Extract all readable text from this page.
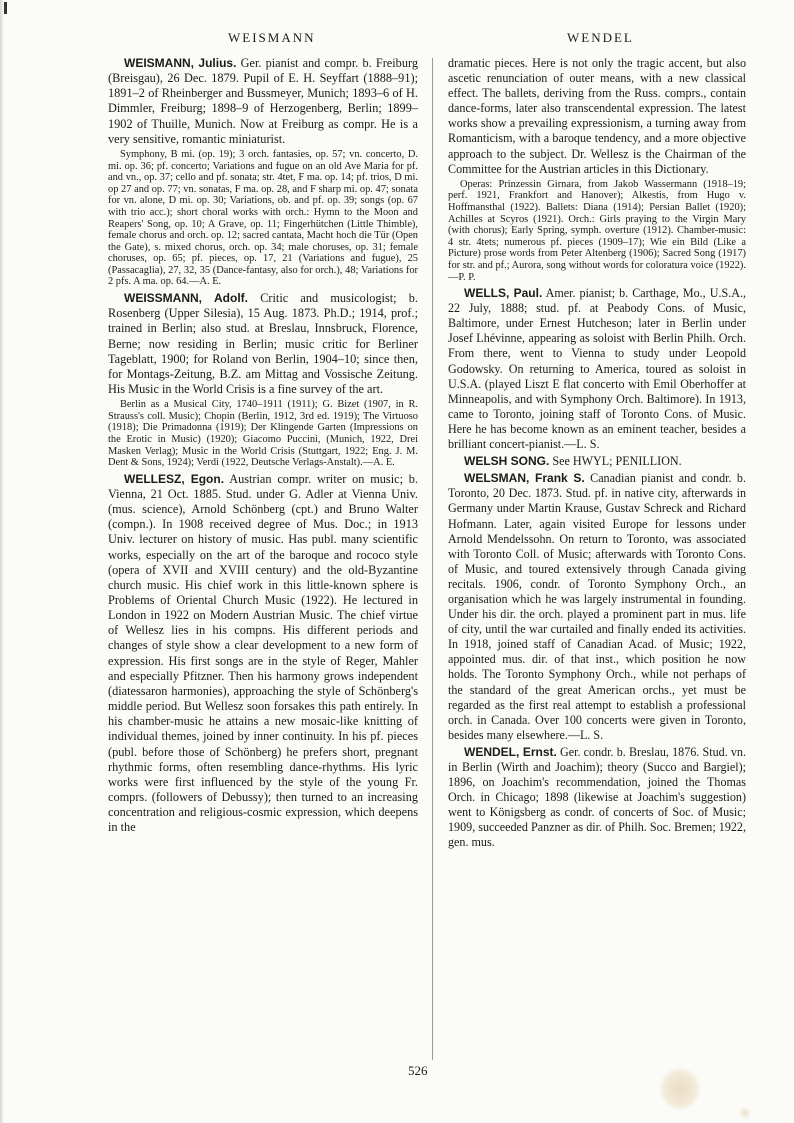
WEISMANN	WENDEL

WEISMANN, Julius. Ger. pianist and compr. b. Freiburg (Breisgau), 26 Dec. 1879. Pupil of E. H. Seyffart (1888–91); 1891–2 of Rheinberger and Bussmeyer, Munich; 1893–6 of H. Dimmler, Freiburg; 1898–9 of Herzogenberg, Berlin; 1899–1902 of Thuille, Munich. Now at Freiburg as compr. He is a very sensitive, romantic miniaturist.

Symphony, B mi. (op. 19); 3 orch. fantasies, op. 57; vn. concerto, D. mi. op. 36; pf. concerto; Variations and fugue on an old Ave Maria for pf. and vn., op. 37; cello and pf. sonata; str. 4tet, F ma. op. 14; pf. trios, D mi. op 27 and op. 77; vn. sonatas, F ma. op. 28, and F sharp mi. op. 47; sonata for vn. alone, D mi. op. 30; Variations, ob. and pf. op. 39; songs (op. 67 with trio acc.); short choral works with orch.: Hymn to the Moon and Reapers' Song, op. 10; A Grave, op. 11; Fingerhütchen (Little Thimble), female chorus and orch. op. 12; sacred cantata, Macht hoch die Tür (Open the Gate), s. mixed chorus, orch. op. 34; male choruses, op. 31; female choruses, op. 65; pf. pieces, op. 17, 21 (Variations and fugue), 25 (Passacaglia), 27, 32, 35 (Dance-fantasy, also for orch.), 48; Variations for 2 pfs. A ma. op. 64.—A. E.

WEISSMANN, Adolf. Critic and musicologist; b. Rosenberg (Upper Silesia), 15 Aug. 1873. Ph.D.; 1914, prof.; trained in Berlin; also stud. at Breslau, Innsbruck, Florence, Berne; now residing in Berlin; music critic for Berliner Tageblatt, 1900; for Roland von Berlin, 1904–10; since then, for Montags-Zeitung, B.Z. am Mittag and Vossische Zeitung. His Music in the World Crisis is a fine survey of the art.

Berlin as a Musical City, 1740–1911 (1911); G. Bizet (1907, in R. Strauss's coll. Music); Chopin (Berlin, 1912, 3rd ed. 1919); The Virtuoso (1918); Die Primadonna (1919); Der Klingende Garten (Impressions on the Erotic in Music) (1920); Giacomo Puccini, (Munich, 1922, Drei Masken Verlag); Music in the World Crisis (Stuttgart, 1922; Eng. J. M. Dent & Sons, 1924); Verdi (1922, Deutsche Verlags-Anstalt).—A. E.

WELLESZ, Egon. Austrian compr. writer on music; b. Vienna, 21 Oct. 1885. Stud. under G. Adler at Vienna Univ. (mus. science), Arnold Schönberg (cpt.) and Bruno Walter (compn.). In 1908 received degree of Mus. Doc.; in 1913 Univ. lecturer on history of music. Has publ. many scientific works, especially on the art of the baroque and rococo style (opera of XVII and XVIII century) and the old-Byzantine church music. His chief work in this little-known sphere is Problems of Oriental Church Music (1922). He lectured in London in 1922 on Modern Austrian Music. The chief virtue of Wellesz lies in his compns. His different periods and changes of style show a clear development to a new form of expression. His first songs are in the style of Reger, Mahler and especially Pfitzner. Then his harmony grows independent (diatessaron harmonies), approaching the style of Schönberg's middle period. But Wellesz soon forsakes this path entirely. In his chamber-music he attains a new mosaic-like knitting of individual themes, joined by inner continuity. In his pf. pieces (publ. before those of Schönberg) he prefers short, pregnant rhythmic forms, often resembling dance-rhythms. His lyric works were first influenced by the style of the young Fr. comprs. (followers of Debussy); then turned to an increasing concentration and religious-cosmic expression, which deepens in the

dramatic pieces. Here is not only the tragic accent, but also ascetic renunciation of outer means, with a new classical effect. The ballets, deriving from the Russ. comprs., contain dance-forms, later also transcendental expression. The latest works show a prevailing expressionism, a turning away from Romanticism, with a baroque tendency, and a more objective approach to the subject. Dr. Wellesz is the Chairman of the Committee for the Austrian articles in this Dictionary.

Operas: Prinzessin Girnara, from Jakob Wassermann (1918–19; perf. 1921, Frankfort and Hanover); Alkestis, from Hugo v. Hoffmansthal (1922). Ballets: Diana (1914); Persian Ballet (1920); Achilles at Scyros (1921). Orch.: Girls praying to the Virgin Mary (with chorus); Early Spring, symph. overture (1912). Chamber-music: 4 str. 4tets; numerous pf. pieces (1909–17); Wie ein Bild (Like a Picture) prose words from Peter Altenberg (1906); Sacred Song (1917) for str. and pf.; Aurora, song without words for coloratura voice (1922).—P. P.

WELLS, Paul. Amer. pianist; b. Carthage, Mo., U.S.A., 22 July, 1888; stud. pf. at Peabody Cons. of Music, Baltimore, under Ernest Hutcheson; later in Berlin under Josef Lhévinne, appearing as soloist with Berlin Philh. Orch. From there, went to Vienna to study under Leopold Godowsky. On returning to America, toured as soloist in U.S.A. (played Liszt E flat concerto with Emil Oberhoffer at Minneapolis, and with Symphony Orch. Baltimore). In 1913, came to Toronto, joining staff of Toronto Cons. of Music. Here he has become known as an eminent teacher, besides a brilliant concert-pianist.—L. S.

WELSH SONG. See HWYL; PENILLION.

WELSMAN, Frank S. Canadian pianist and condr. b. Toronto, 20 Dec. 1873. Stud. pf. in native city, afterwards in Germany under Martin Krause, Gustav Schreck and Richard Hofmann. Later, again visited Europe for lessons under Arnold Mendelssohn. On return to Toronto, was associated with Toronto Coll. of Music; afterwards with Toronto Cons. of Music, and toured extensively through Canada giving recitals. 1906, condr. of Toronto Symphony Orch., an organisation which he was largely instrumental in founding. Under his dir. the orch. played a prominent part in mus. life of city, until the war curtailed and finally ended its activities. In 1918, joined staff of Canadian Acad. of Music; 1922, appointed mus. dir. of that inst., which position he now holds. The Toronto Symphony Orch., while not perhaps of the standard of the great American orchs., yet must be regarded as the first real attempt to establish a professional orch. in Canada. Over 100 concerts were given in Toronto, besides many elsewhere.—L. S.

WENDEL, Ernst. Ger. condr. b. Breslau, 1876. Stud. vn. in Berlin (Wirth and Joachim); theory (Succo and Bargiel); 1896, on Joachim's recommendation, joined the Thomas Orch. in Chicago; 1898 (likewise at Joachim's suggestion) went to Königsberg as condr. of concerts of Soc. of Music; 1909, succeeded Panzner as dir. of Philh. Soc. Bremen; 1922, gen. mus.

526
